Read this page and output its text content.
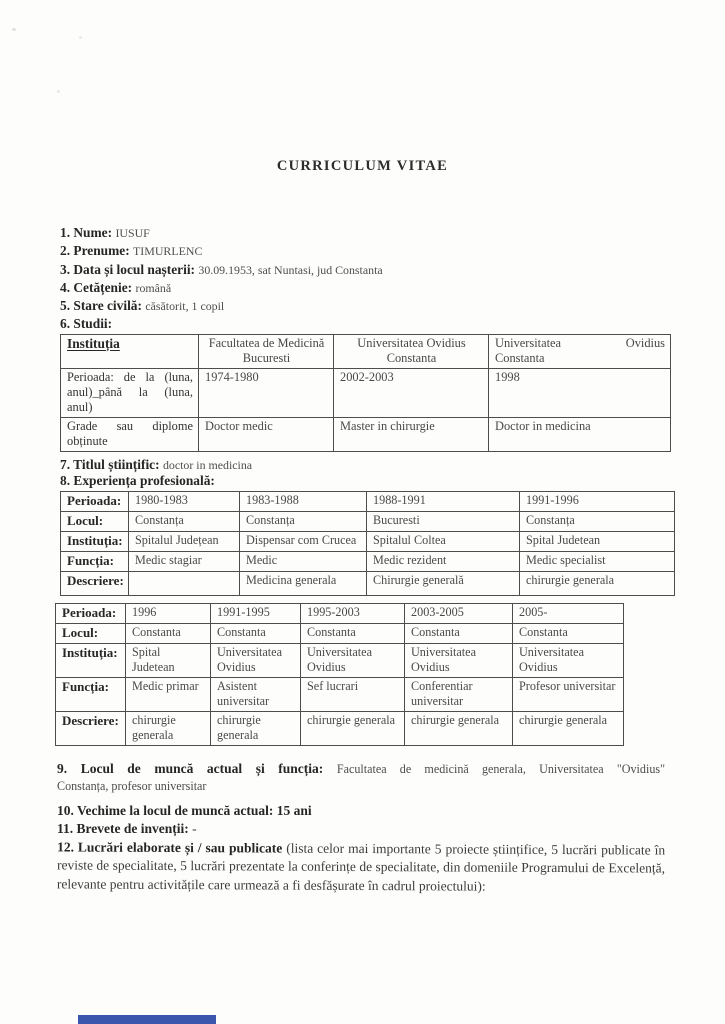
CURRICULUM VITAE
1. Nume: IUSUF
2. Prenume: TIMURLENC
3. Data și locul nașterii: 30.09.1953, sat Nuntasi, jud Constanta
4. Cetățenie: română
5. Stare civilă: căsătorit, 1 copil
6. Studii:
Instituția	Facultatea de Medicină Bucuresti	Universitatea Ovidius Constanta	Universitatea Ovidius
Constanta

Perioada: de la (luna, anul)_până la (luna, anul)	1974-1980	2002-2003	1998
Grade sau diplome obținute	Doctor medic	Master in chirurgie	Doctor in medicina
7. Titlul științific: doctor in medicina
8. Experiența profesională:
Perioada:	1980-1983	1983-1988	1988-1991	1991-1996
Locul:	Constanța	Constanța	Bucuresti	Constanța
Instituția:	Spitalul Județean	Dispensar com Crucea	Spitalul Coltea	Spital Judetean
Funcția:	Medic stagiar	Medic	Medic rezident	Medic specialist
Descriere:		Medicina generala	Chirurgie generală	chirurgie generala
Perioada:	1996	1991-1995	1995-2003	2003-2005	2005-
Locul:	Constanta	Constanta	Constanta	Constanta	Constanta
Instituția:	Spital Judetean	Universitatea Ovidius	Universitatea Ovidius	Universitatea Ovidius	Universitatea Ovidius
Funcția:	Medic primar	Asistent universitar	Sef lucrari	Conferentiar universitar	Profesor universitar
Descriere:	chirurgie generala	chirurgie generala	chirurgie generala	chirurgie generala	chirurgie generala
9. Locul de muncă actual și funcția: Facultatea de medicină generala, Universitatea "Ovidius"
Constanța, profesor universitar
10. Vechime la locul de muncă actual: 15 ani
11. Brevete de invenții: -
12. Lucrări elaborate și / sau publicate (lista celor mai importante 5 proiecte științifice, 5 lucrări publicate în reviste de specialitate, 5 lucrări prezentate la conferințe de specialitate, din domeniile Programului de Excelență, relevante pentru activitățile care urmează a fi desfășurate în cadrul proiectului):
